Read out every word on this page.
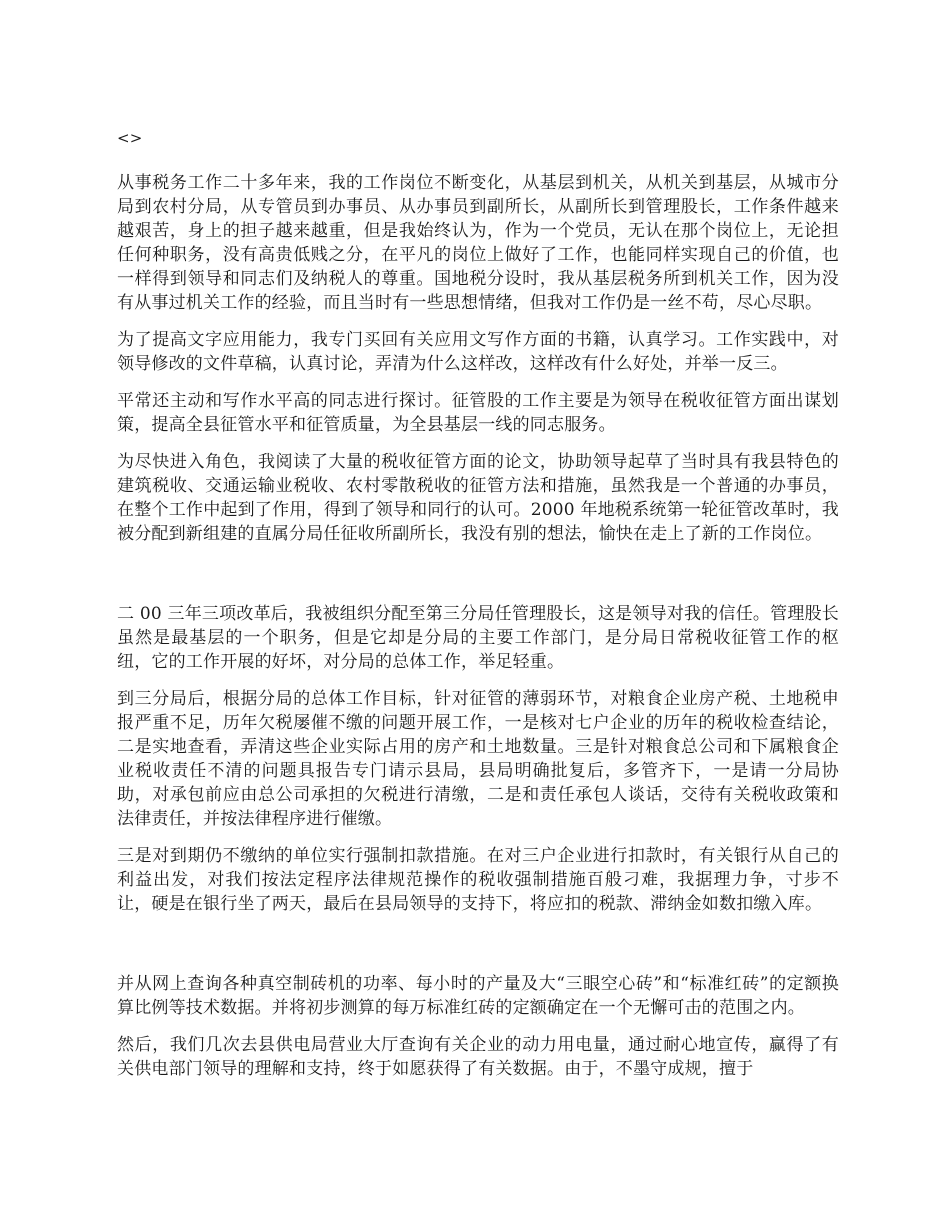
<>

从事税务工作二十多年来，我的工作岗位不断变化，从基层到机关，从机关到基层，从城市分局到农村分局，从专管员到办事员、从办事员到副所长，从副所长到管理股长，工作条件越来越艰苦，身上的担子越来越重，但是我始终认为，作为一个党员，无认在那个岗位上，无论担任何种职务，没有高贵低贱之分，在平凡的岗位上做好了工作，也能同样实现自己的价值，也一样得到领导和同志们及纳税人的尊重。国地税分设时，我从基层税务所到机关工作，因为没有从事过机关工作的经验，而且当时有一些思想情绪，但我对工作仍是一丝不苟，尽心尽职。

为了提高文字应用能力，我专门买回有关应用文写作方面的书籍，认真学习。工作实践中，对领导修改的文件草稿，认真讨论，弄清为什么这样改，这样改有什么好处，并举一反三。

平常还主动和写作水平高的同志进行探讨。征管股的工作主要是为领导在税收征管方面出谋划策，提高全县征管水平和征管质量，为全县基层一线的同志服务。

为尽快进入角色，我阅读了大量的税收征管方面的论文，协助领导起草了当时具有我县特色的建筑税收、交通运输业税收、农村零散税收的征管方法和措施，虽然我是一个普通的办事员，在整个工作中起到了作用，得到了领导和同行的认可。2000 年地税系统第一轮征管改革时，我被分配到新组建的直属分局任征收所副所长，我没有别的想法，愉快在走上了新的工作岗位。

二 00 三年三项改革后，我被组织分配至第三分局任管理股长，这是领导对我的信任。管理股长虽然是最基层的一个职务，但是它却是分局的主要工作部门，是分局日常税收征管工作的枢纽，它的工作开展的好坏，对分局的总体工作，举足轻重。

到三分局后，根据分局的总体工作目标，针对征管的薄弱环节，对粮食企业房产税、土地税申报严重不足，历年欠税屡催不缴的问题开展工作，一是核对七户企业的历年的税收检查结论，二是实地查看，弄清这些企业实际占用的房产和土地数量。三是针对粮食总公司和下属粮食企业税收责任不清的问题具报告专门请示县局，县局明确批复后，多管齐下，一是请一分局协助，对承包前应由总公司承担的欠税进行清缴，二是和责任承包人谈话，交待有关税收政策和法律责任，并按法律程序进行催缴。

三是对到期仍不缴纳的单位实行强制扣款措施。在对三户企业进行扣款时，有关银行从自己的利益出发，对我们按法定程序法律规范操作的税收强制措施百般刁难，我据理力争，寸步不让，硬是在银行坐了两天，最后在县局领导的支持下，将应扣的税款、滞纳金如数扣缴入库。

并从网上查询各种真空制砖机的功率、每小时的产量及大“三眼空心砖”和“标准红砖”的定额换算比例等技术数据。并将初步测算的每万标准红砖的定额确定在一个无懈可击的范围之内。

然后，我们几次去县供电局营业大厅查询有关企业的动力用电量，通过耐心地宣传，赢得了有关供电部门领导的理解和支持，终于如愿获得了有关数据。由于，不墨守成规，擅于
